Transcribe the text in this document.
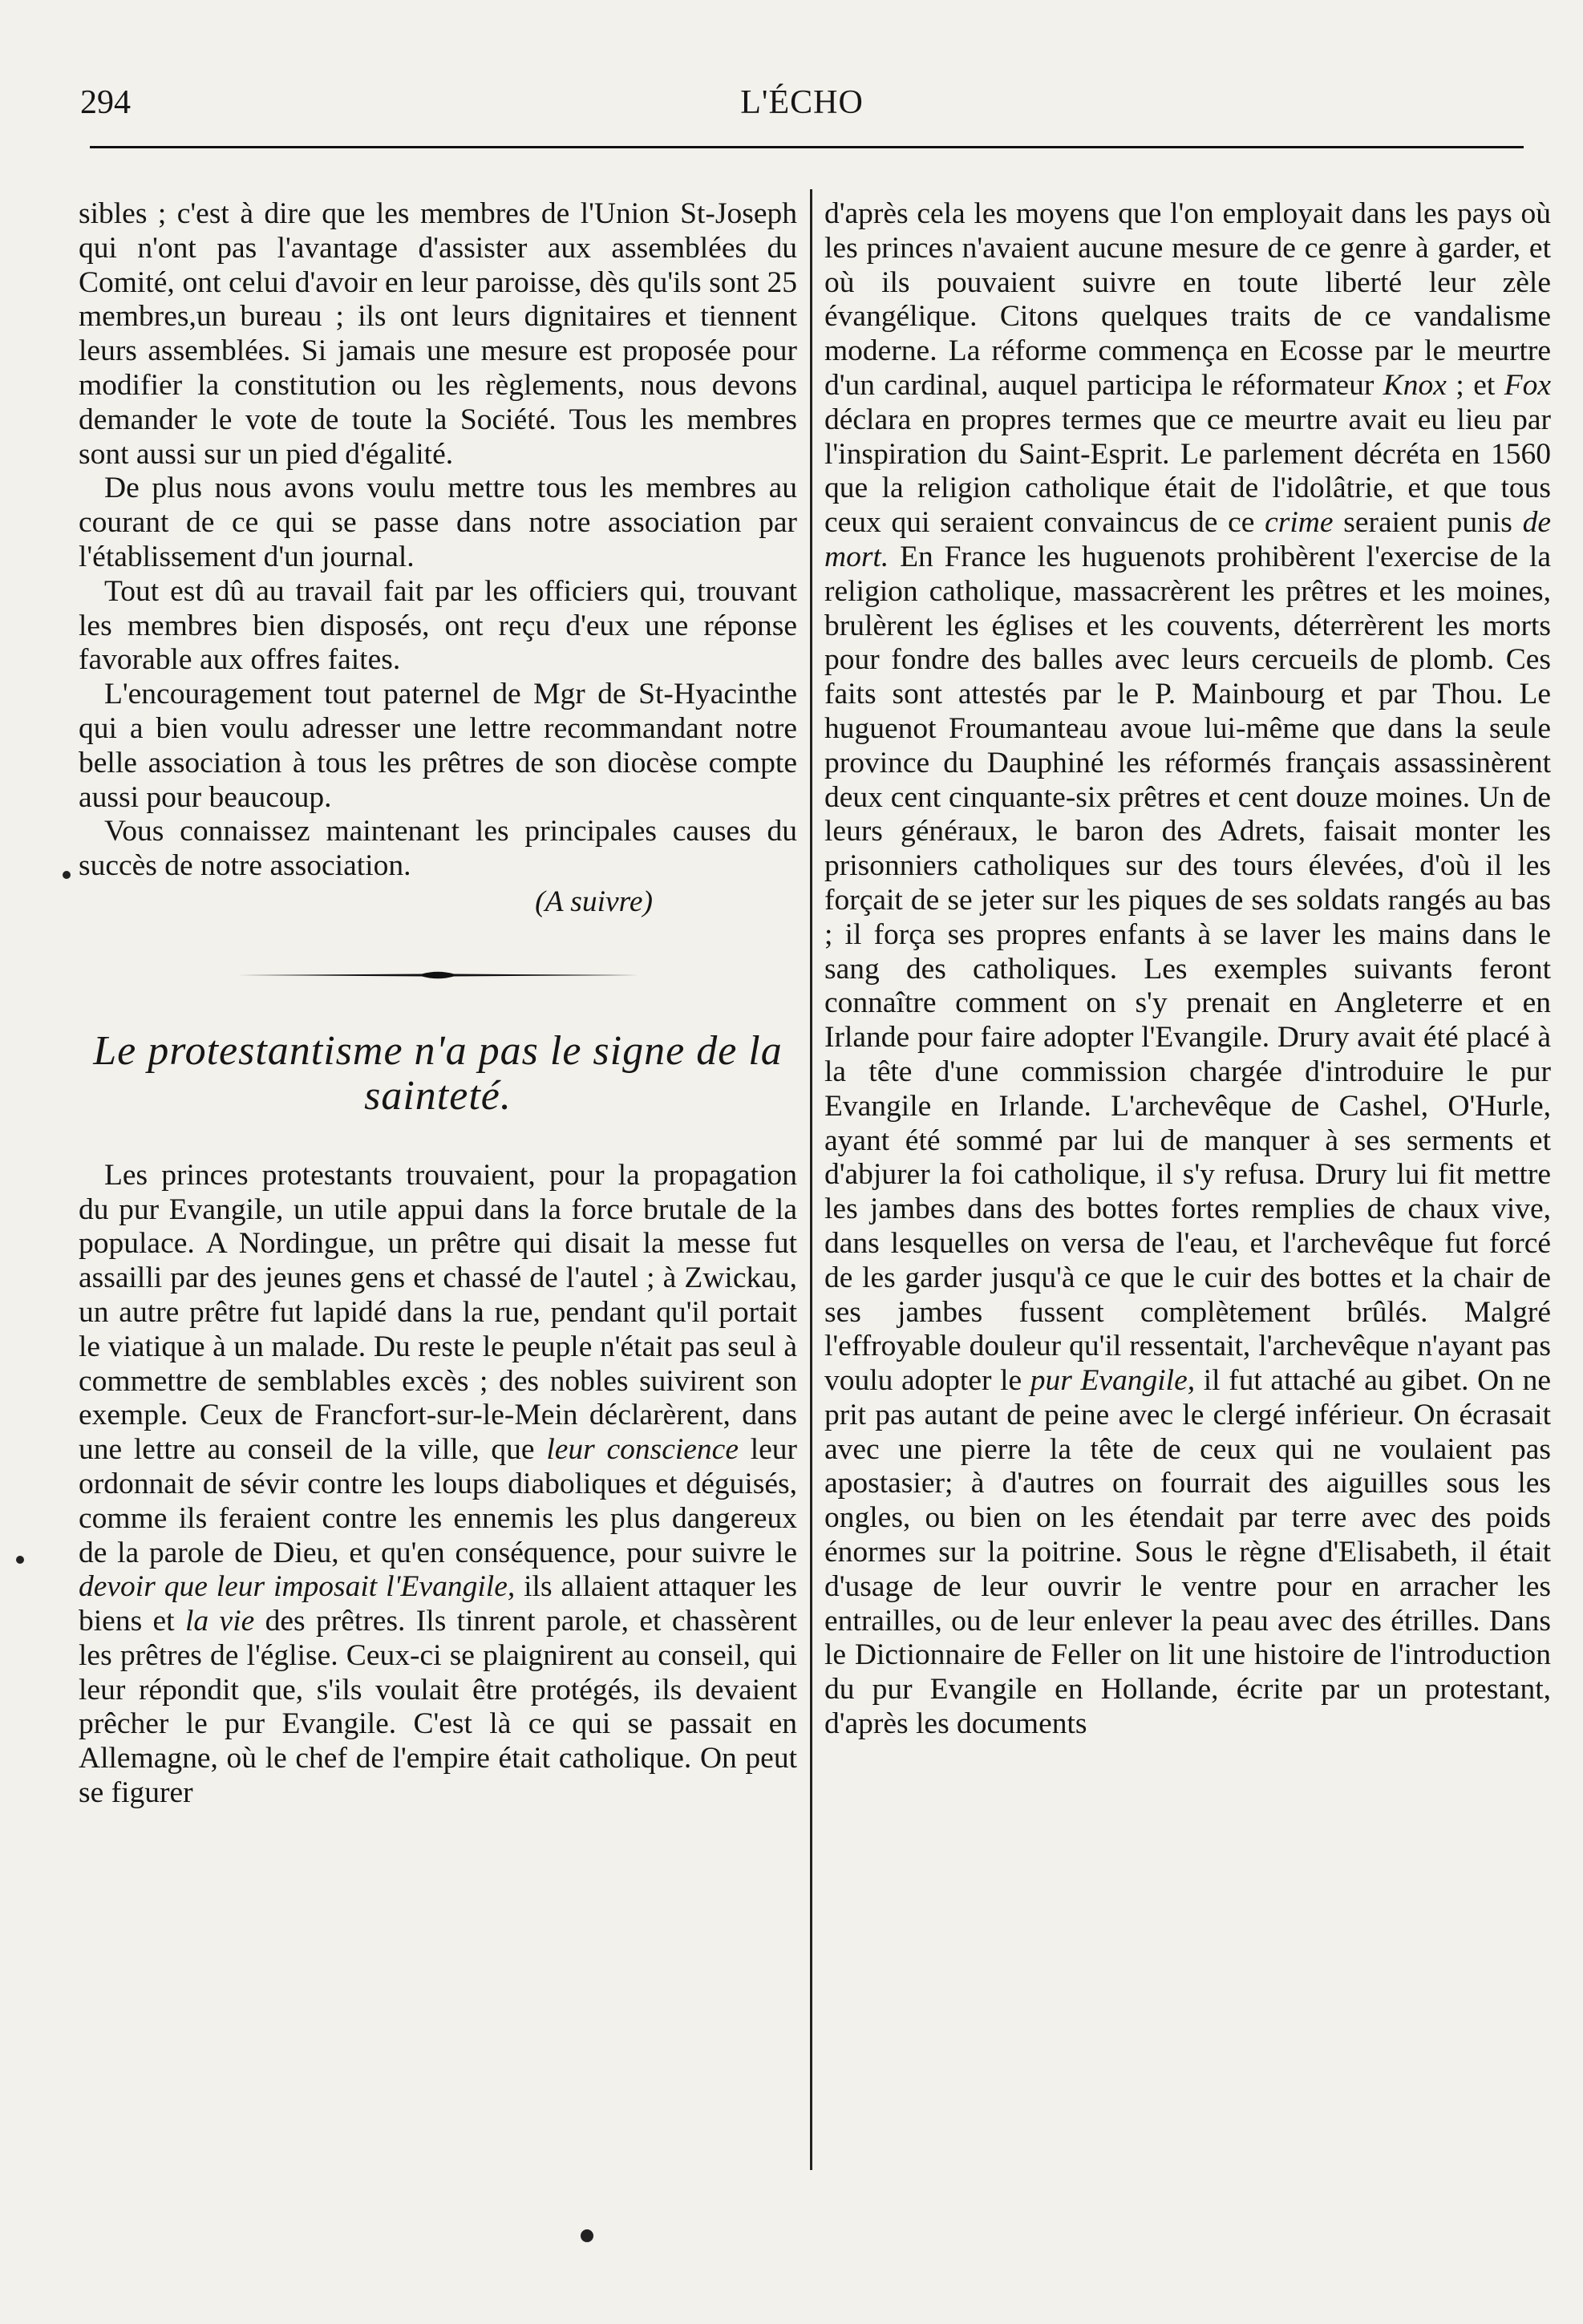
294	L'ÉCHO

sibles ; c'est à dire que les membres de l'Union St-Joseph qui n'ont pas l'avantage d'assister aux assemblées du Comité, ont celui d'avoir en leur paroisse, dès qu'ils sont 25 membres,un bureau ; ils ont leurs dignitaires et tiennent leurs assemblées. Si jamais une mesure est proposée pour modifier la constitution ou les règlements, nous devons demander le vote de toute la Société. Tous les membres sont aussi sur un pied d'égalité.

De plus nous avons voulu mettre tous les membres au courant de ce qui se passe dans notre association par l'établissement d'un journal.

Tout est dû au travail fait par les officiers qui, trouvant les membres bien disposés, ont reçu d'eux une réponse favorable aux offres faites.

L'encouragement tout paternel de Mgr de St-Hyacinthe qui a bien voulu adresser une lettre recommandant notre belle association à tous les prêtres de son diocèse compte aussi pour beaucoup.

Vous connaissez maintenant les principales causes du succès de notre association.

(A suivre)

Le protestantisme n'a pas le signe de la sainteté.

Les princes protestants trouvaient, pour la propagation du pur Evangile, un utile appui dans la force brutale de la populace. A Nordingue, un prêtre qui disait la messe fut assailli par des jeunes gens et chassé de l'autel ; à Zwickau, un autre prêtre fut lapidé dans la rue, pendant qu'il portait le viatique à un malade. Du reste le peuple n'était pas seul à commettre de semblables excès ; des nobles suivirent son exemple. Ceux de Francfort-sur-le-Mein déclarèrent, dans une lettre au conseil de la ville, que leur conscience leur ordonnait de sévir contre les loups diaboliques et déguisés, comme ils feraient contre les ennemis les plus dangereux de la parole de Dieu, et qu'en conséquence, pour suivre le devoir que leur imposait l'Evangile, ils allaient attaquer les biens et la vie des prêtres. Ils tinrent parole, et chassèrent les prêtres de l'église. Ceux-ci se plaignirent au conseil, qui leur répondit que, s'ils voulait être protégés, ils devaient prêcher le pur Evangile. C'est là ce qui se passait en Allemagne, où le chef de l'empire était catholique. On peut se figurer

d'après cela les moyens que l'on employait dans les pays où les princes n'avaient aucune mesure de ce genre à garder, et où ils pouvaient suivre en toute liberté leur zèle évangélique. Citons quelques traits de ce vandalisme moderne. La réforme commença en Ecosse par le meurtre d'un cardinal, auquel participa le réformateur Knox ; et Fox déclara en propres termes que ce meurtre avait eu lieu par l'inspiration du Saint-Esprit. Le parlement décréta en 1560 que la religion catholique était de l'idolâtrie, et que tous ceux qui seraient convaincus de ce crime seraient punis de mort. En France les huguenots prohibèrent l'exercise de la religion catholique, massacrèrent les prêtres et les moines, brulèrent les églises et les couvents, déterrèrent les morts pour fondre des balles avec leurs cercueils de plomb. Ces faits sont attestés par le P. Mainbourg et par Thou. Le huguenot Froumanteau avoue lui-même que dans la seule province du Dauphiné les réformés français assassinèrent deux cent cinquante-six prêtres et cent douze moines. Un de leurs généraux, le baron des Adrets, faisait monter les prisonniers catholiques sur des tours élevées, d'où il les forçait de se jeter sur les piques de ses soldats rangés au bas ; il força ses propres enfants à se laver les mains dans le sang des catholiques. Les exemples suivants feront connaître comment on s'y prenait en Angleterre et en Irlande pour faire adopter l'Evangile. Drury avait été placé à la tête d'une commission chargée d'introduire le pur Evangile en Irlande. L'archevêque de Cashel, O'Hurle, ayant été sommé par lui de manquer à ses serments et d'abjurer la foi catholique, il s'y refusa. Drury lui fit mettre les jambes dans des bottes fortes remplies de chaux vive, dans lesquelles on versa de l'eau, et l'archevêque fut forcé de les garder jusqu'à ce que le cuir des bottes et la chair de ses jambes fussent complètement brûlés. Malgré l'effroyable douleur qu'il ressentait, l'archevêque n'ayant pas voulu adopter le pur Evangile, il fut attaché au gibet. On ne prit pas autant de peine avec le clergé inférieur. On écrasait avec une pierre la tête de ceux qui ne voulaient pas apostasier; à d'autres on fourrait des aiguilles sous les ongles, ou bien on les étendait par terre avec des poids énormes sur la poitrine. Sous le règne d'Elisabeth, il était d'usage de leur ouvrir le ventre pour en arracher les entrailles, ou de leur enlever la peau avec des étrilles. Dans le Dictionnaire de Feller on lit une histoire de l'introduction du pur Evangile en Hollande, écrite par un protestant, d'après les documents
